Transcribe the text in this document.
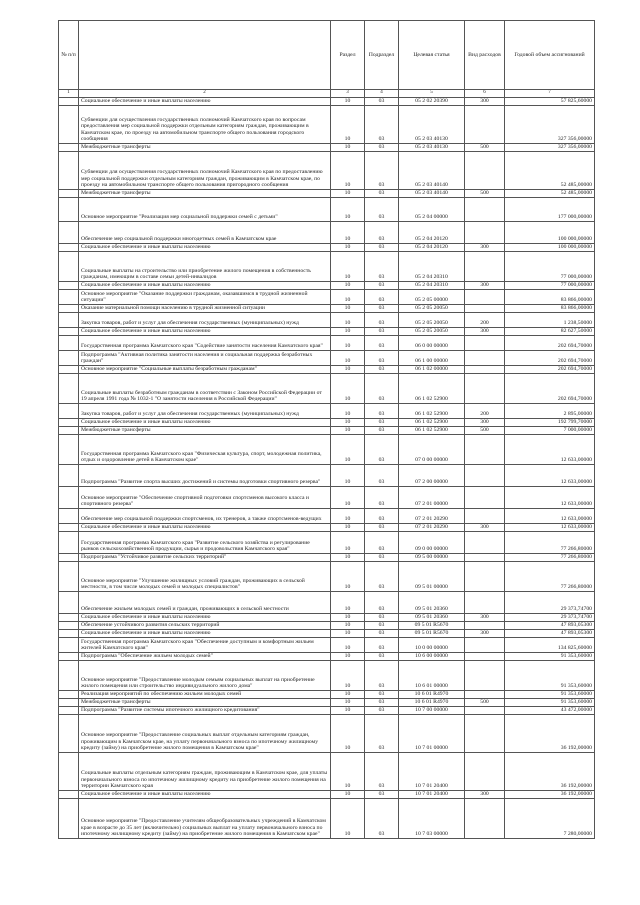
№ п/п		Раздел	Подраздел	Целевая статья	Вид расходов	Годовой объем ассигнований
1	2	3	4	5	6	7
	Социальное обеспечение и иные выплаты населению	10	03	05 2 02 20390	300	57 825,60000
	Субвенции для осуществления государственных полномочий Камчатского края по вопросам предоставления мер социальной поддержки отдельным категориям граждан, проживающим в Камчатском крае, по проезду на автомобильном транспорте общего пользования городского сообщения	10	03	05 2 03 40130		327 356,00000
	Межбюджетные трансферты	10	03	05 2 03 40130	500	327 356,00000
	Субвенции для осуществления государственных полномочий Камчатского края по предоставлению мер социальной поддержки отдельным категориям граждан, проживающим в Камчатском крае, по проезду на автомобильном транспорте общего пользования пригородного сообщения	10	03	05 2 03 40140		52 485,00000
	Межбюджетные трансферты	10	03	05 2 03 40140	500	52 485,00000
	Основное мероприятие "Реализация мер социальной поддержки семей с детьми"	10	03	05 2 04 00000		177 000,00000
	Обеспечение мер социальной поддержки многодетных семей в Камчатском крае	10	03	05 2 04 20120		100 000,00000
	Социальное обеспечение и иные выплаты населению	10	03	05 2 04 20120	300	100 000,00000
	Социальные выплаты на строительство или приобретение жилого помещения в собственность гражданам, имеющим в составе семьи детей-инвалидов	10	03	05 2 04 20310		77 000,00000
	Социальное обеспечение и иные выплаты населению	10	03	05 2 04 20310	300	77 000,00000
	Основное мероприятие "Оказание поддержки гражданам, оказавшимся в трудной жизненной ситуации"	10	03	05 2 05 00000		83 866,00000
	Оказание материальной помощи населению в трудной жизненной ситуации	10	03	05 2 05 20050		83 866,00000
	Закупка товаров, работ и услуг для обеспечения государственных (муниципальных) нужд	10	03	05 2 05 20050	200	1 238,50000
	Социальное обеспечение и иные выплаты населению	10	03	05 2 05 20050	300	82 627,50000
	Государственная программа Камчатского края "Содействие занятости населения Камчатского края"	10	03	06 0 00 00000		202 694,70000
	Подпрограмма "Активная политика занятости населения и социальная поддержка безработных граждан"	10	03	06 1 00 00000		202 694,70000
	Основное мероприятие "Социальные выплаты безработным гражданам"	10	03	06 1 02 00000		202 694,70000
	Социальные выплаты безработным гражданам в соответствии с Законом Российской Федерации от 19 апреля 1991 года № 1032-1 "О занятости населения в Российской Федерации"	10	03	06 1 02 52900		202 694,70000
	Закупка товаров, работ и услуг для обеспечения государственных (муниципальных) нужд	10	03	06 1 02 52900	200	2 895,00000
	Социальное обеспечение и иные выплаты населению	10	03	06 1 02 52900	300	192 799,70000
	Межбюджетные трансферты	10	03	06 1 02 52900	500	7 000,00000
	Государственная программа Камчатского края "Физическая культура, спорт, молодежная политика, отдых и оздоровление детей в Камчатском крае"	10	03	07 0 00 00000		12 633,00000
	Подпрограмма "Развитие спорта высших достижений и системы подготовки спортивного резерва"	10	03	07 2 00 00000		12 633,00000
	Основное мероприятие "Обеспечение спортивной подготовки спортсменов высокого класса и спортивного резерва"	10	03	07 2 01 00000		12 633,00000
	Обеспечение мер социальной поддержки спортсменов, их тренеров, а также спортсменов-ведущих	10	03	07 2 01 20290		12 633,00000
	Социальное обеспечение и иные выплаты населению	10	03	07 2 01 20290	300	12 633,00000
	Государственная программа Камчатского края "Развитие сельского хозяйства и регулирование рынков сельскохозяйственной продукции, сырья и продовольствия Камчатского края"	10	03	09 0 00 00000		77 266,80000
	Подпрограмма "Устойчивое развитие сельских территорий"	10	03	09 5 00 00000		77 266,80000
	Основное мероприятие "Улучшение жилищных условий граждан, проживающих в сельской местности, в том числе молодых семей и молодых специалистов"	10	03	09 5 01 00000		77 266,80000
	Обеспечение жильем молодых семей и граждан, проживающих в сельской местности	10	03	09 5 01 20360		29 373,74700
	Социальное обеспечение и иные выплаты населению	10	03	09 5 01 20360	300	29 373,74700
	Обеспечение устойчивого развития сельских территорий	10	03	09 5 01 R5670		47 893,05300
	Социальное обеспечение и иные выплаты населению	10	03	09 5 01 R5670	300	47 893,05300
	Государственная программа Камчатского края "Обеспечение доступным и комфортным жильем жителей Камчатского края"	10	03	10 0 00 00000		134 825,60000
	Подпрограмма "Обеспечение жильем молодых семей"	10	03	10 6 00 00000		91 353,60000
	Основное мероприятие "Предоставление молодым семьям социальных выплат на приобретение жилого помещения или строительство индивидуального жилого дома"	10	03	10 6 01 00000		91 353,60000
	Реализация мероприятий по обеспечению жильем молодых семей	10	03	10 6 01 R4970		91 353,60000
	Межбюджетные трансферты	10	03	10 6 01 R4970	500	91 353,60000
	Подпрограмма "Развитие системы ипотечного жилищного кредитования"	10	03	10 7 00 00000		43 472,00000
	Основное мероприятие "Предоставление социальных выплат отдельным категориям граждан, проживающим в Камчатском крае, на уплату первоначального взноса по ипотечному жилищному кредиту (займу) на приобретение жилого помещения в Камчатском крае"	10	03	10 7 01 00000		36 192,00000
	Социальные выплаты отдельным категориям граждан, проживающим в Камчатском крае, для уплаты первоначального взноса по ипотечному жилищному кредиту на приобретение жилого помещения на территории Камчатского края	10	03	10 7 01 20400		36 192,00000
	Социальное обеспечение и иные выплаты населению	10	03	10 7 01 20400	300	36 192,00000
	Основное мероприятие "Предоставление учителям общеобразовательных учреждений в Камчатском крае в возрасте до 35 лет (включительно) социальных выплат на уплату первоначального взноса по ипотечному жилищному кредиту (займу) на приобретение жилого помещения в Камчатском крае"	10	03	10 7 03 00000		7 280,00000
